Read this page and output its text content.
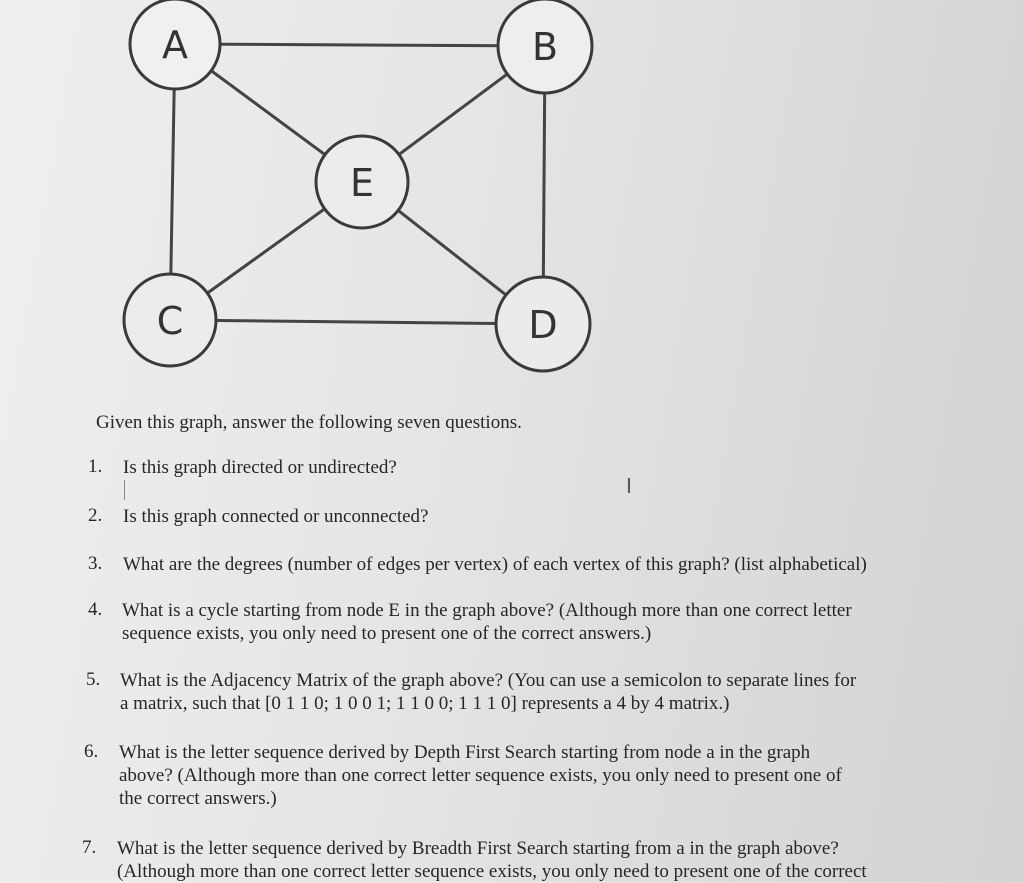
A	B
E
C	D
Given this graph, answer the following seven questions.
1. Is this graph directed or undirected?
I
2. Is this graph connected or unconnected?
3. What are the degrees (number of edges per vertex) of each vertex of this graph? (list alphabetical)
4. What is a cycle starting from node E in the graph above? (Although more than one correct letter
sequence exists, you only need to present one of the correct answers.)
5. What is the Adjacency Matrix of the graph above? (You can use a semicolon to separate lines for
a matrix, such that [0 1 1 0; 1 0 0 1; 1 1 0 0; 1 1 1 0] represents a 4 by 4 matrix.)
6. What is the letter sequence derived by Depth First Search starting from node a in the graph
above? (Although more than one correct letter sequence exists, you only need to present one of
the correct answers.)
7. What is the letter sequence derived by Breadth First Search starting from a in the graph above?
(Although more than one correct letter sequence exists, you only need to present one of the correct
